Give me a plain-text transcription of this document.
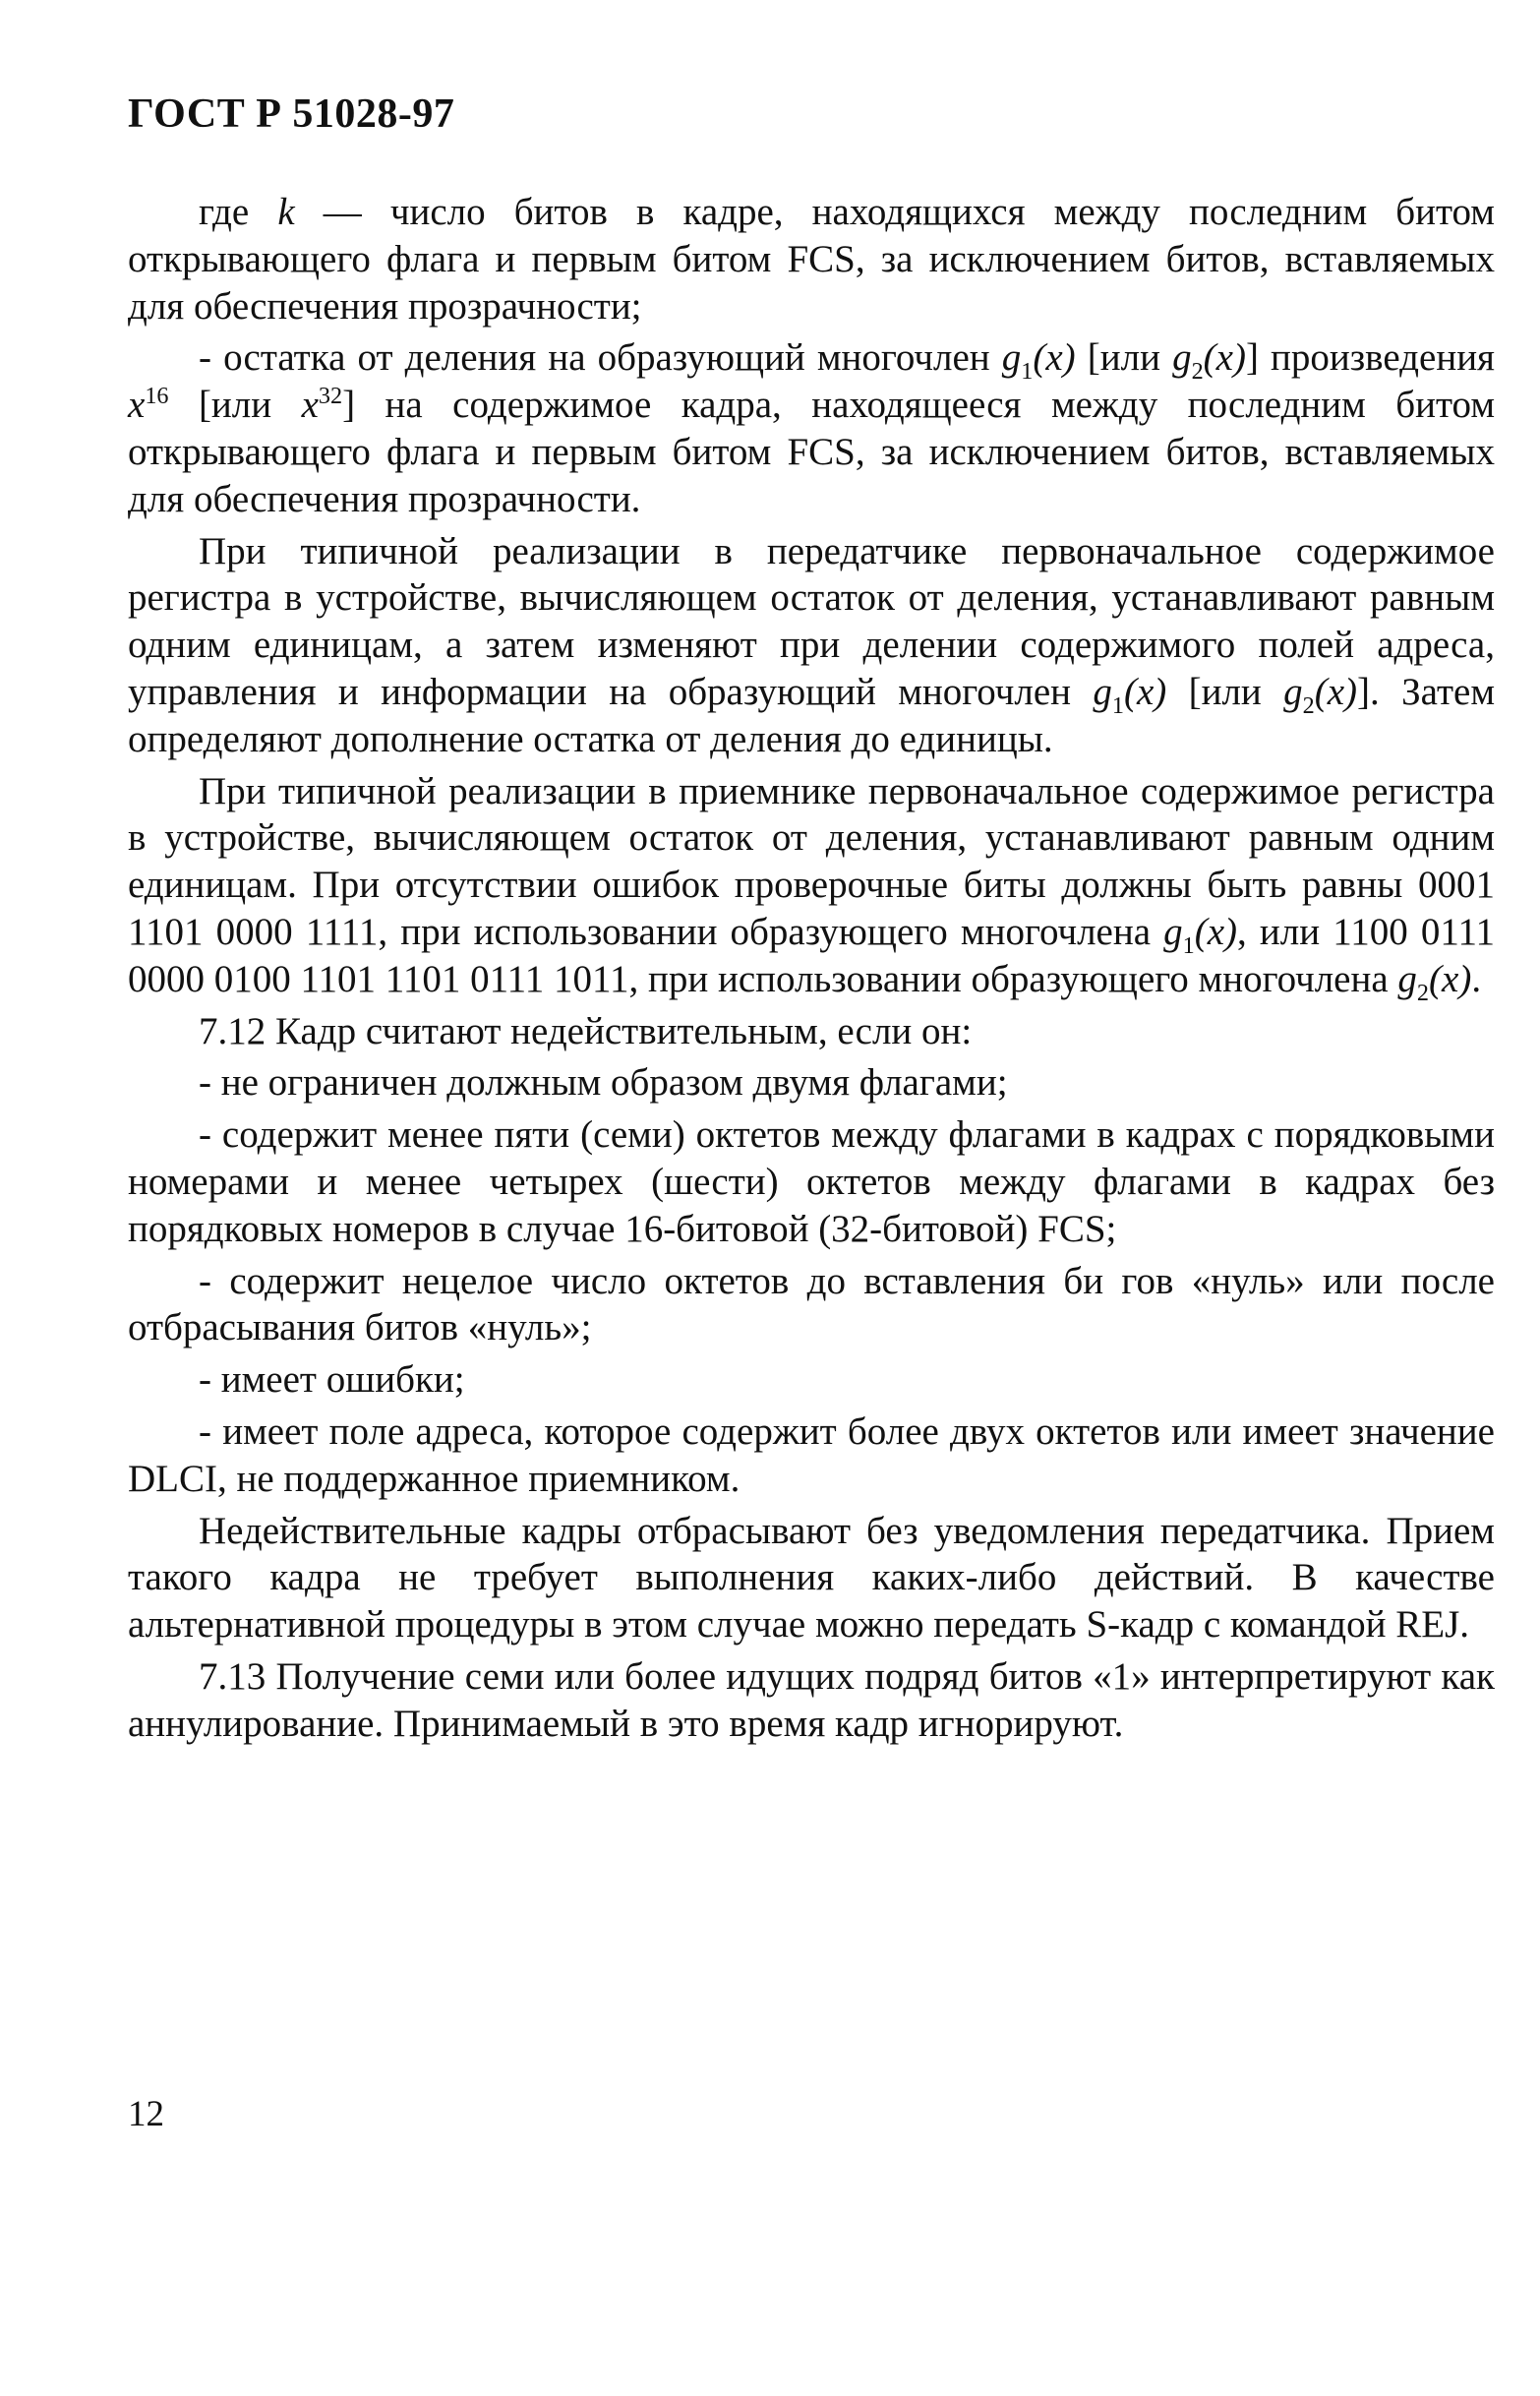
ГОСТ Р 51028-97

где k — число битов в кадре, находящихся между последним битом открывающего флага и первым битом FCS, за исключением битов, вставляемых для обеспечения прозрачности;

- остатка от деления на образующий многочлен $g_1(x)$ [или $g_2(x)$] произведения $x^{16}$ [или $x^{32}$] на содержимое кадра, находящееся между последним битом открывающего флага и первым битом FCS, за исключением битов, вставляемых для обеспечения прозрачности.

При типичной реализации в передатчике первоначальное содержимое регистра в устройстве, вычисляющем остаток от деления, устанавливают равным одним единицам, а затем изменяют при делении содержимого полей адреса, управления и информации на образующий многочлен $g_1(x)$ [или $g_2(x)$]. Затем определяют дополнение остатка от деления до единицы.

При типичной реализации в приемнике первоначальное содержимое регистра в устройстве, вычисляющем остаток от деления, устанавливают равным одним единицам. При отсутствии ошибок проверочные биты должны быть равны 0001 1101 0000 1111, при использовании образующего многочлена $g_1(x)$, или 1100 0111 0000 0100 1101 1101 0111 1011, при использовании образующего многочлена $g_2(x)$.

7.12 Кадр считают недействительным, если он:

- не ограничен должным образом двумя флагами;

- содержит менее пяти (семи) октетов между флагами в кадрах с порядковыми номерами и менее четырех (шести) октетов между флагами в кадрах без порядковых номеров в случае 16-битовой (32-битовой) FCS;

- содержит нецелое число октетов до вставления би гов «нуль» или после отбрасывания битов «нуль»;

- имеет ошибки;

- имеет поле адреса, которое содержит более двух октетов или имеет значение DLCI, не поддержанное приемником.

Недействительные кадры отбрасывают без уведомления передатчика. Прием такого кадра не требует выполнения каких-либо действий. В качестве альтернативной процедуры в этом случае можно передать S-кадр с командой REJ.

7.13 Получение семи или более идущих подряд битов «1» интерпретируют как аннулирование. Принимаемый в это время кадр игнорируют.

12
